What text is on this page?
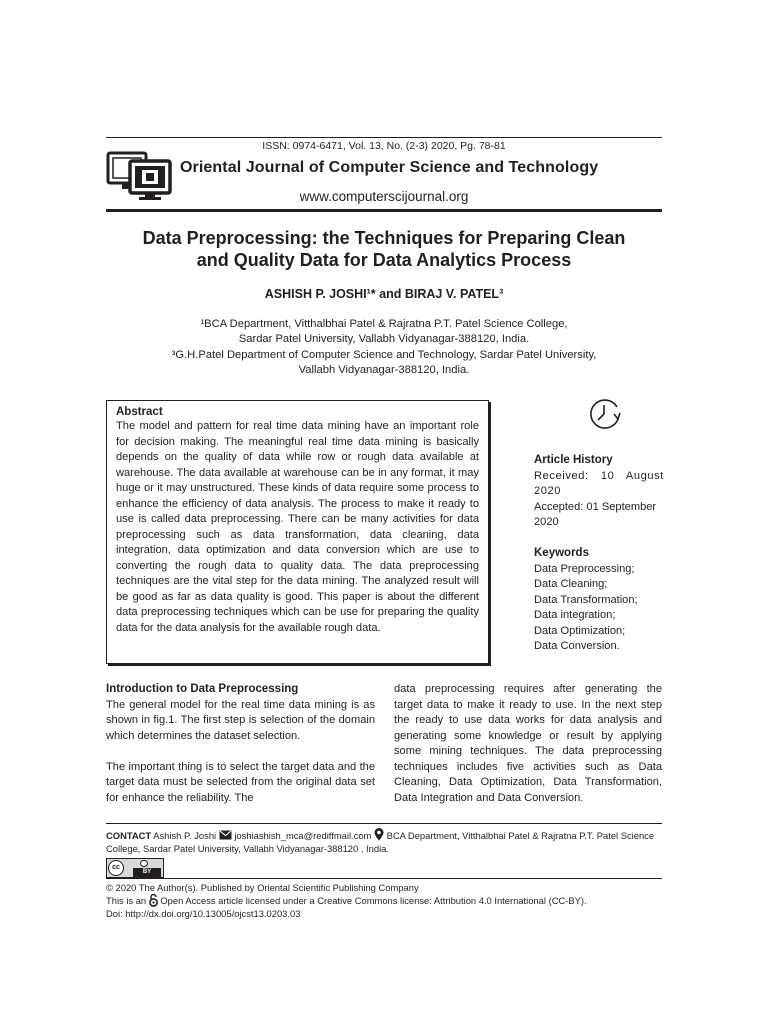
ISSN: 0974-6471, Vol. 13, No. (2-3) 2020, Pg. 78-81
Oriental Journal of Computer Science and Technology
www.computerscijournal.org
Data Preprocessing: the Techniques for Preparing Clean
and Quality Data for Data Analytics Process
ASHISH P. JOSHI¹* and BIRAJ V. PATEL³
¹BCA Department, Vitthalbhai Patel & Rajratna P.T. Patel Science College,
Sardar Patel University, Vallabh Vidyanagar-388120, India.
³G.H.Patel Department of Computer Science and Technology, Sardar Patel University,
Vallabh Vidyanagar-388120, India.
Abstract

The model and pattern for real time data mining have an important role for decision making. The meaningful real time data mining is basically depends on the quality of data while row or rough data available at warehouse. The data available at warehouse can be in any format, it may huge or it may unstructured. These kinds of data require some process to enhance the efficiency of data analysis. The process to make it ready to use is called data preprocessing. There can be many activities for data preprocessing such as data transformation, data cleaning, data integration, data optimization and data conversion which are use to converting the rough data to quality data. The data preprocessing techniques are the vital step for the data mining. The analyzed result will be good as far as data quality is good. This paper is about the different data preprocessing techniques which can be use for preparing the quality data for the data analysis for the available rough data.

Article History
Received: 10 August 2020
Accepted: 01 September 2020
Keywords
Data Preprocessing;
Data Cleaning;
Data Transformation;
Data integration;
Data Optimization;
Data Conversion.
Introduction to Data Preprocessing

The general model for the real time data mining is as shown in fig.1. The first step is selection of the domain which determines the dataset selection.

The important thing is to select the target data and the target data must be selected from the original data set for enhance the reliability. The

data preprocessing requires after generating the target data to make it ready to use. In the next step the ready to use data works for data analysis and generating some knowledge or result by applying some mining techniques. The data preprocessing techniques includes five activities such as Data Cleaning, Data Optimization, Data Transformation, Data Integration and Data Conversion.

CONTACT Ashish P. Joshi joshiashish_mca@rediffmail.com BCA Department, Vitthalbhai Patel & Rajratna P.T. Patel Science College, Sardar Patel University, Vallabh Vidyanagar-388120 , India.
cc
BY
© 2020 The Author(s). Published by Oriental Scientific Publishing Company
This is an Open Access article licensed under a Creative Commons license: Attribution 4.0 International (CC-BY).
Doi: http://dx.doi.org/10.13005/ojcst13.0203.03
